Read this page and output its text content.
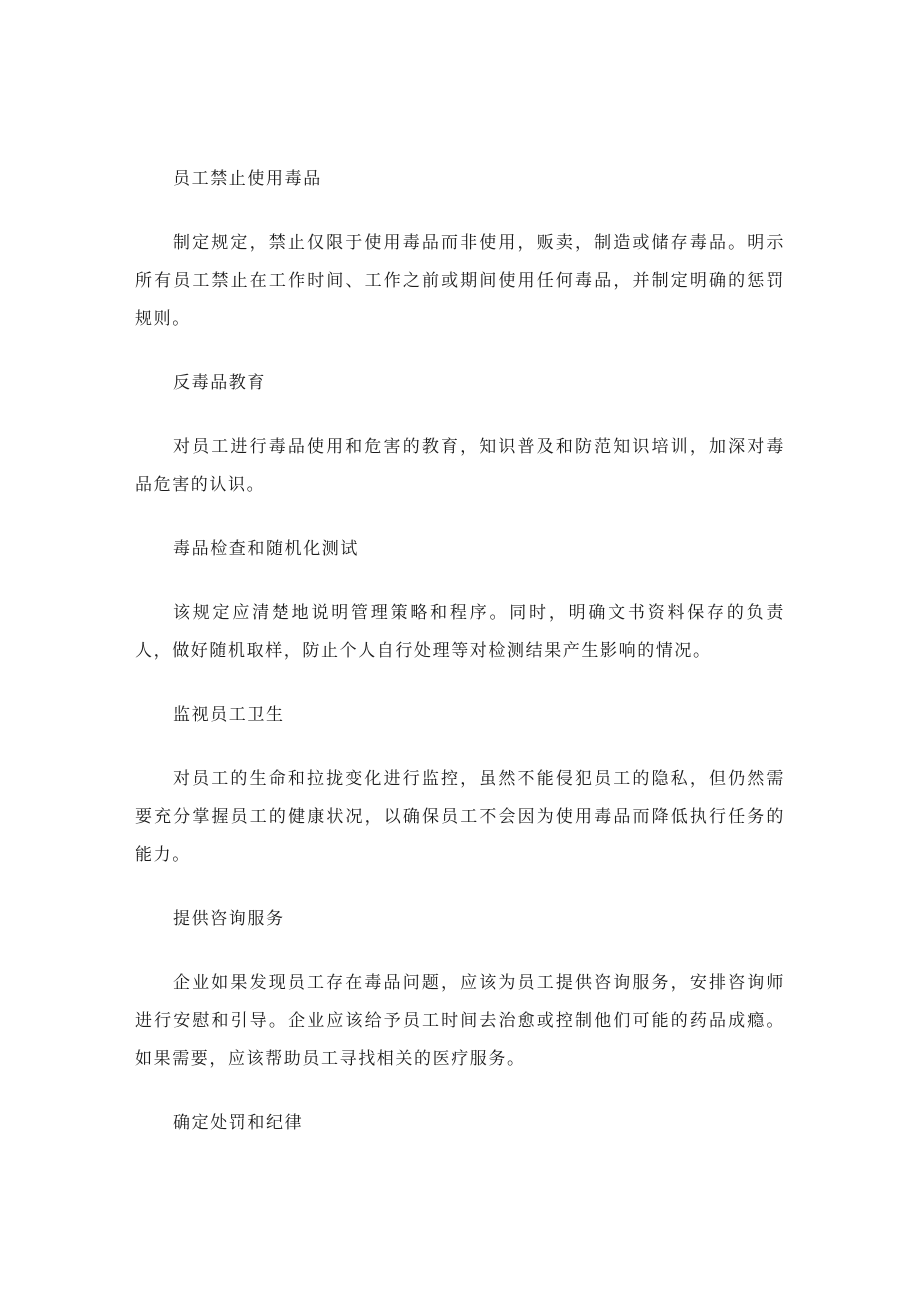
员工禁止使用毒品

制定规定，禁止仅限于使用毒品而非使用，贩卖，制造或储存毒品。明示所有员工禁止在工作时间、工作之前或期间使用任何毒品，并制定明确的惩罚规则。

反毒品教育

对员工进行毒品使用和危害的教育，知识普及和防范知识培训，加深对毒品危害的认识。

毒品检查和随机化测试

该规定应清楚地说明管理策略和程序。同时，明确文书资料保存的负责人，做好随机取样，防止个人自行处理等对检测结果产生影响的情况。

监视员工卫生

对员工的生命和拉拢变化进行监控，虽然不能侵犯员工的隐私，但仍然需要充分掌握员工的健康状况，以确保员工不会因为使用毒品而降低执行任务的能力。

提供咨询服务

企业如果发现员工存在毒品问题，应该为员工提供咨询服务，安排咨询师进行安慰和引导。企业应该给予员工时间去治愈或控制他们可能的药品成瘾。如果需要，应该帮助员工寻找相关的医疗服务。

确定处罚和纪律
